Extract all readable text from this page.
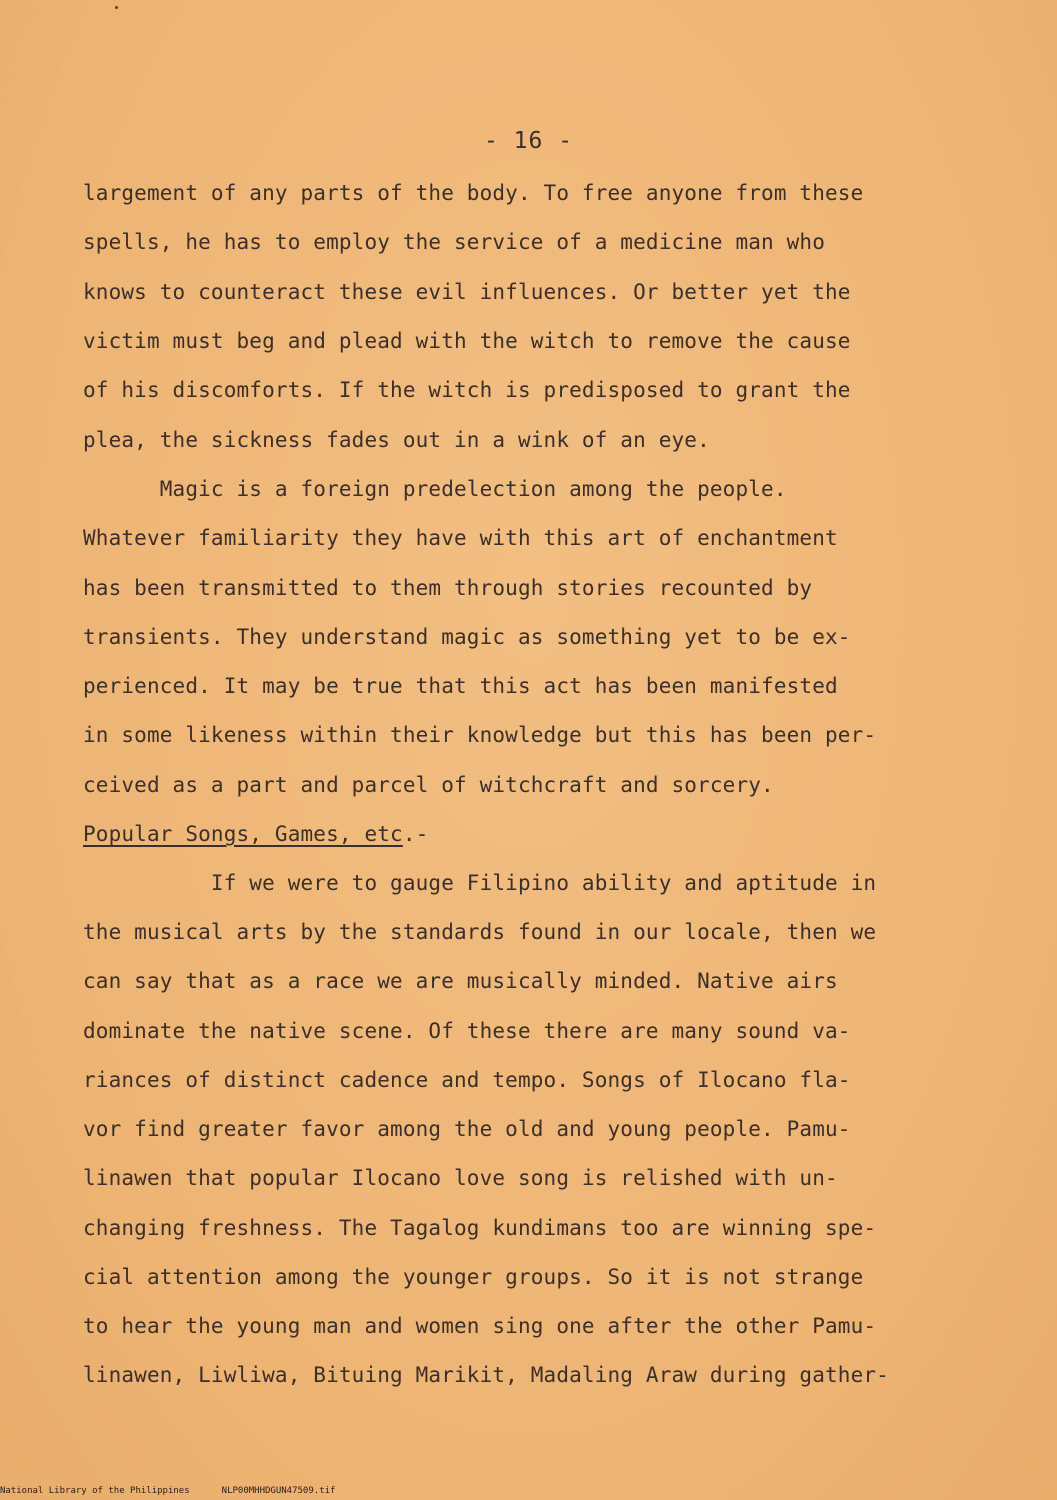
- 16 -
largement of any parts of the body. To free anyone from these
spells, he has to employ the service of a medicine man who
knows to counteract these evil influences. Or better yet the
victim must beg and plead with the witch to remove the cause
of his discomforts. If the witch is predisposed to grant the
plea, the sickness fades out in a wink of an eye.
Magic is a foreign predelection among the people.
Whatever familiarity they have with this art of enchantment
has been transmitted to them through stories recounted by
transients. They understand magic as something yet to be ex-
perienced. It may be true that this act has been manifested
in some likeness within their knowledge but this has been per-
ceived as a part and parcel of witchcraft and sorcery.
Popular Songs, Games, etc.-
If we were to gauge Filipino ability and aptitude in
the musical arts by the standards found in our locale, then we
can say that as a race we are musically minded. Native airs
dominate the native scene. Of these there are many sound va-
riances of distinct cadence and tempo. Songs of Ilocano fla-
vor find greater favor among the old and young people. Pamu-
linawen that popular Ilocano love song is relished with un-
changing freshness. The Tagalog kundimans too are winning spe-
cial attention among the younger groups. So it is not strange
to hear the young man and women sing one after the other Pamu-
linawen, Liwliwa, Bituing Marikit, Madaling Araw during gather-
National Library of the Philippines	NLP00MHHDGUN47509.tif
